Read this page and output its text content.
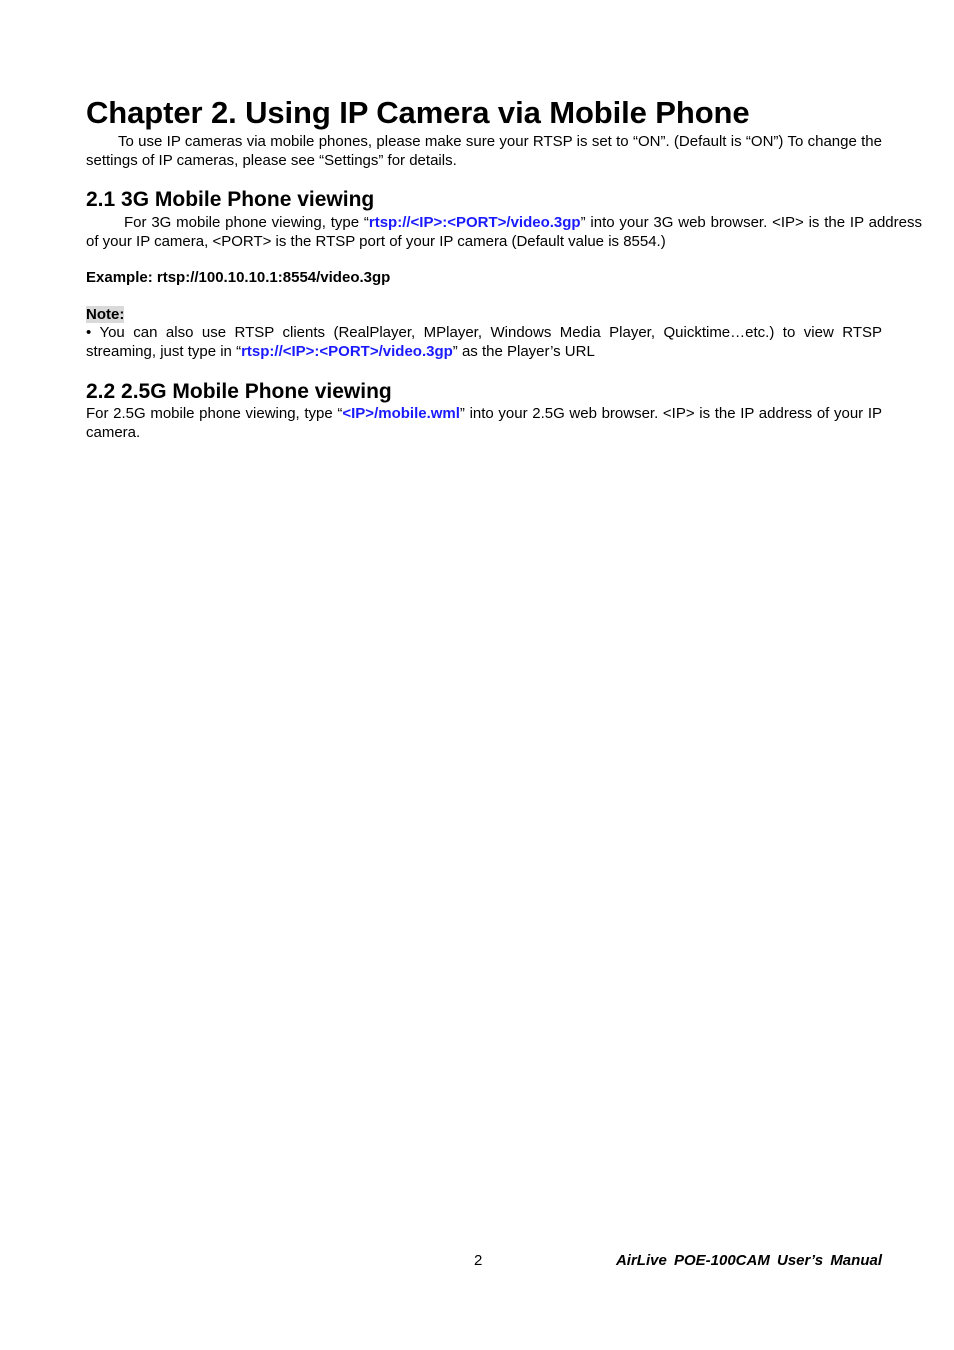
Chapter 2. Using IP Camera via Mobile Phone

To use IP cameras via mobile phones, please make sure your RTSP is set to “ON”. (Default is “ON”) To change the settings of IP cameras, please see “Settings” for details.

2.1 3G Mobile Phone viewing

For 3G mobile phone viewing, type “rtsp://<IP>:<PORT>/video.3gp” into your 3G web browser. <IP> is the IP address of your IP camera, <PORT> is the RTSP port of your IP camera (Default value is 8554.)

Example: rtsp://100.10.10.1:8554/video.3gp

Note:

• You can also use RTSP clients (RealPlayer, MPlayer, Windows Media Player, Quicktime…etc.) to view RTSP streaming, just type in “rtsp://<IP>:<PORT>/video.3gp” as the Player’s URL

2.2 2.5G Mobile Phone viewing

For 2.5G mobile phone viewing, type “<IP>/mobile.wml” into your 2.5G web browser. <IP> is the IP address of your IP camera.

2	AirLive POE-100CAM User’s Manual
